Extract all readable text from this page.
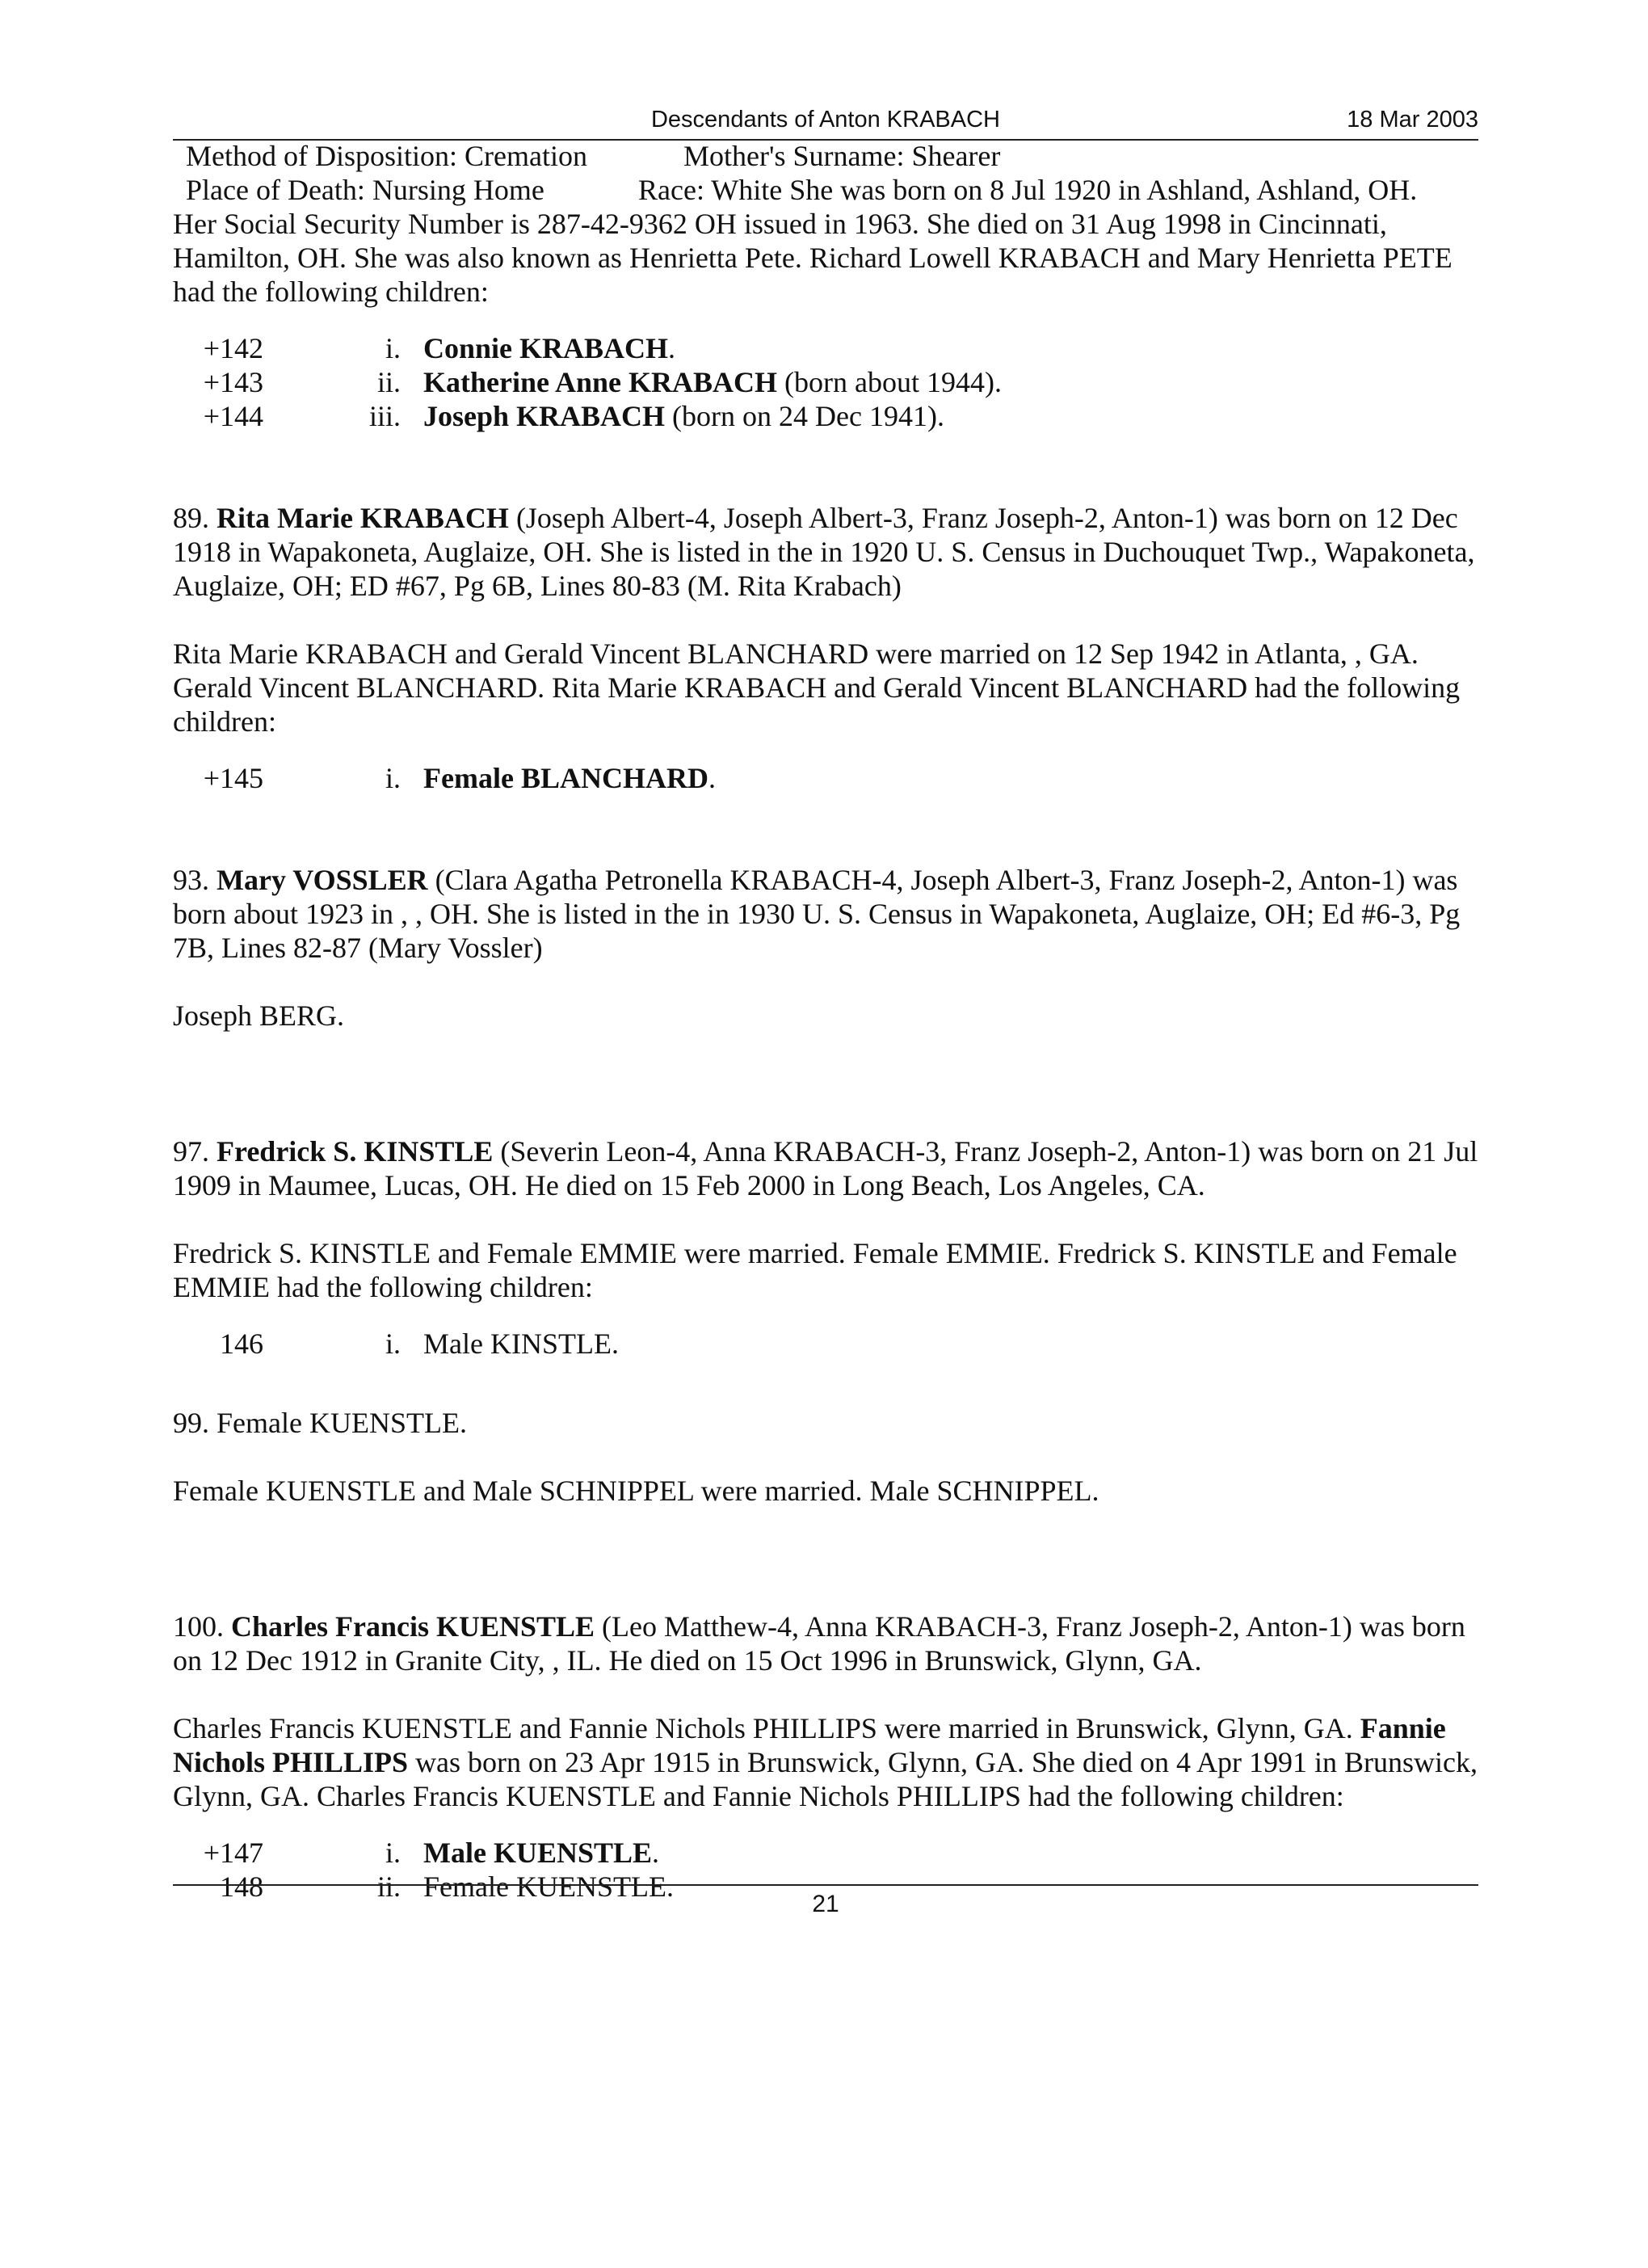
Descendants of Anton KRABACH	18 Mar 2003
Method of Disposition: Cremation	Mother's Surname: Shearer
Place of Death: Nursing Home	Race: White She was born on 8 Jul 1920 in Ashland, Ashland, OH.

Her Social Security Number is 287-42-9362 OH issued in 1963. She died on 31 Aug 1998 in Cincinnati, Hamilton, OH. She was also known as Henrietta Pete. Richard Lowell KRABACH and Mary Henrietta PETE had the following children:

+142	i. Connie KRABACH.
+143	ii. Katherine Anne KRABACH (born about 1944).
+144	iii. Joseph KRABACH (born on 24 Dec 1941).

89. Rita Marie KRABACH (Joseph Albert-4, Joseph Albert-3, Franz Joseph-2, Anton-1) was born on 12 Dec 1918 in Wapakoneta, Auglaize, OH. She is listed in the in 1920 U. S. Census in Duchouquet Twp., Wapakoneta, Auglaize, OH; ED #67, Pg 6B, Lines 80-83 (M. Rita Krabach)

Rita Marie KRABACH and Gerald Vincent BLANCHARD were married on 12 Sep 1942 in Atlanta, , GA. Gerald Vincent BLANCHARD. Rita Marie KRABACH and Gerald Vincent BLANCHARD had the following children:

+145	i. Female BLANCHARD.

93. Mary VOSSLER (Clara Agatha Petronella KRABACH-4, Joseph Albert-3, Franz Joseph-2, Anton-1) was born about 1923 in , , OH. She is listed in the in 1930 U. S. Census in Wapakoneta, Auglaize, OH; Ed #6-3, Pg 7B, Lines 82-87 (Mary Vossler)

Joseph BERG.

97. Fredrick S. KINSTLE (Severin Leon-4, Anna KRABACH-3, Franz Joseph-2, Anton-1) was born on 21 Jul 1909 in Maumee, Lucas, OH. He died on 15 Feb 2000 in Long Beach, Los Angeles, CA.

Fredrick S. KINSTLE and Female EMMIE were married. Female EMMIE. Fredrick S. KINSTLE and Female EMMIE had the following children:

146	i. Male KINSTLE.

99. Female KUENSTLE.

Female KUENSTLE and Male SCHNIPPEL were married. Male SCHNIPPEL.

100. Charles Francis KUENSTLE (Leo Matthew-4, Anna KRABACH-3, Franz Joseph-2, Anton-1) was born on 12 Dec 1912 in Granite City, , IL. He died on 15 Oct 1996 in Brunswick, Glynn, GA.

Charles Francis KUENSTLE and Fannie Nichols PHILLIPS were married in Brunswick, Glynn, GA. Fannie Nichols PHILLIPS was born on 23 Apr 1915 in Brunswick, Glynn, GA. She died on 4 Apr 1991 in Brunswick, Glynn, GA. Charles Francis KUENSTLE and Fannie Nichols PHILLIPS had the following children:

+147	i. Male KUENSTLE.
148	ii. Female KUENSTLE.
21
